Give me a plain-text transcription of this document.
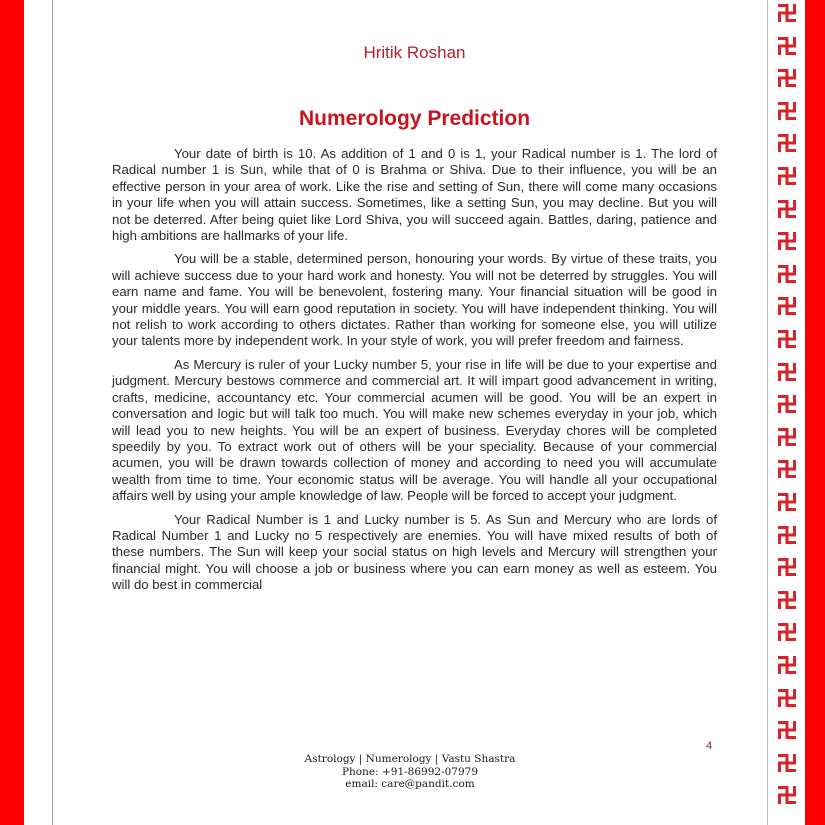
Hritik Roshan
Numerology Prediction

Your date of birth is 10. As addition of 1 and 0 is 1, your Radical number is 1. The lord of Radical number 1 is Sun, while that of 0 is Brahma or Shiva. Due to their influence, you will be an effective person in your area of work. Like the rise and setting of Sun, there will come many occasions in your life when you will attain success. Sometimes, like a setting Sun, you may decline. But you will not be deterred. After being quiet like Lord Shiva, you will succeed again. Battles, daring, patience and high ambitions are hallmarks of your life.

You will be a stable, determined person, honouring your words. By virtue of these traits, you will achieve success due to your hard work and honesty. You will not be deterred by struggles. You will earn name and fame. You will be benevolent, fostering many. Your financial situation will be good in your middle years. You will earn good reputation in society. You will have independent thinking. You will not relish to work according to others dictates. Rather than working for someone else, you will utilize your talents more by independent work. In your style of work, you will prefer freedom and fairness.

As Mercury is ruler of your Lucky number 5, your rise in life will be due to your expertise and judgment. Mercury bestows commerce and commercial art. It will impart good advancement in writing, crafts, medicine, accountancy etc. Your commercial acumen will be good. You will be an expert in conversation and logic but will talk too much. You will make new schemes everyday in your job, which will lead you to new heights. You will be an expert of business. Everyday chores will be completed speedily by you. To extract work out of others will be your speciality. Because of your commercial acumen, you will be drawn towards collection of money and according to need you will accumulate wealth from time to time. Your economic status will be average. You will handle all your occupational affairs well by using your ample knowledge of law. People will be forced to accept your judgment.

Your Radical Number is 1 and Lucky number is 5. As Sun and Mercury who are lords of Radical Number 1 and Lucky no 5 respectively are enemies. You will have mixed results of both of these numbers. The Sun will keep your social status on high levels and Mercury will strengthen your financial might. You will choose a job or business where you can earn money as well as esteem. You will do best in commercial

4
Astrology | Numerology | Vastu Shastra
Phone: +91-86992-07979
email: care@pandit.com
